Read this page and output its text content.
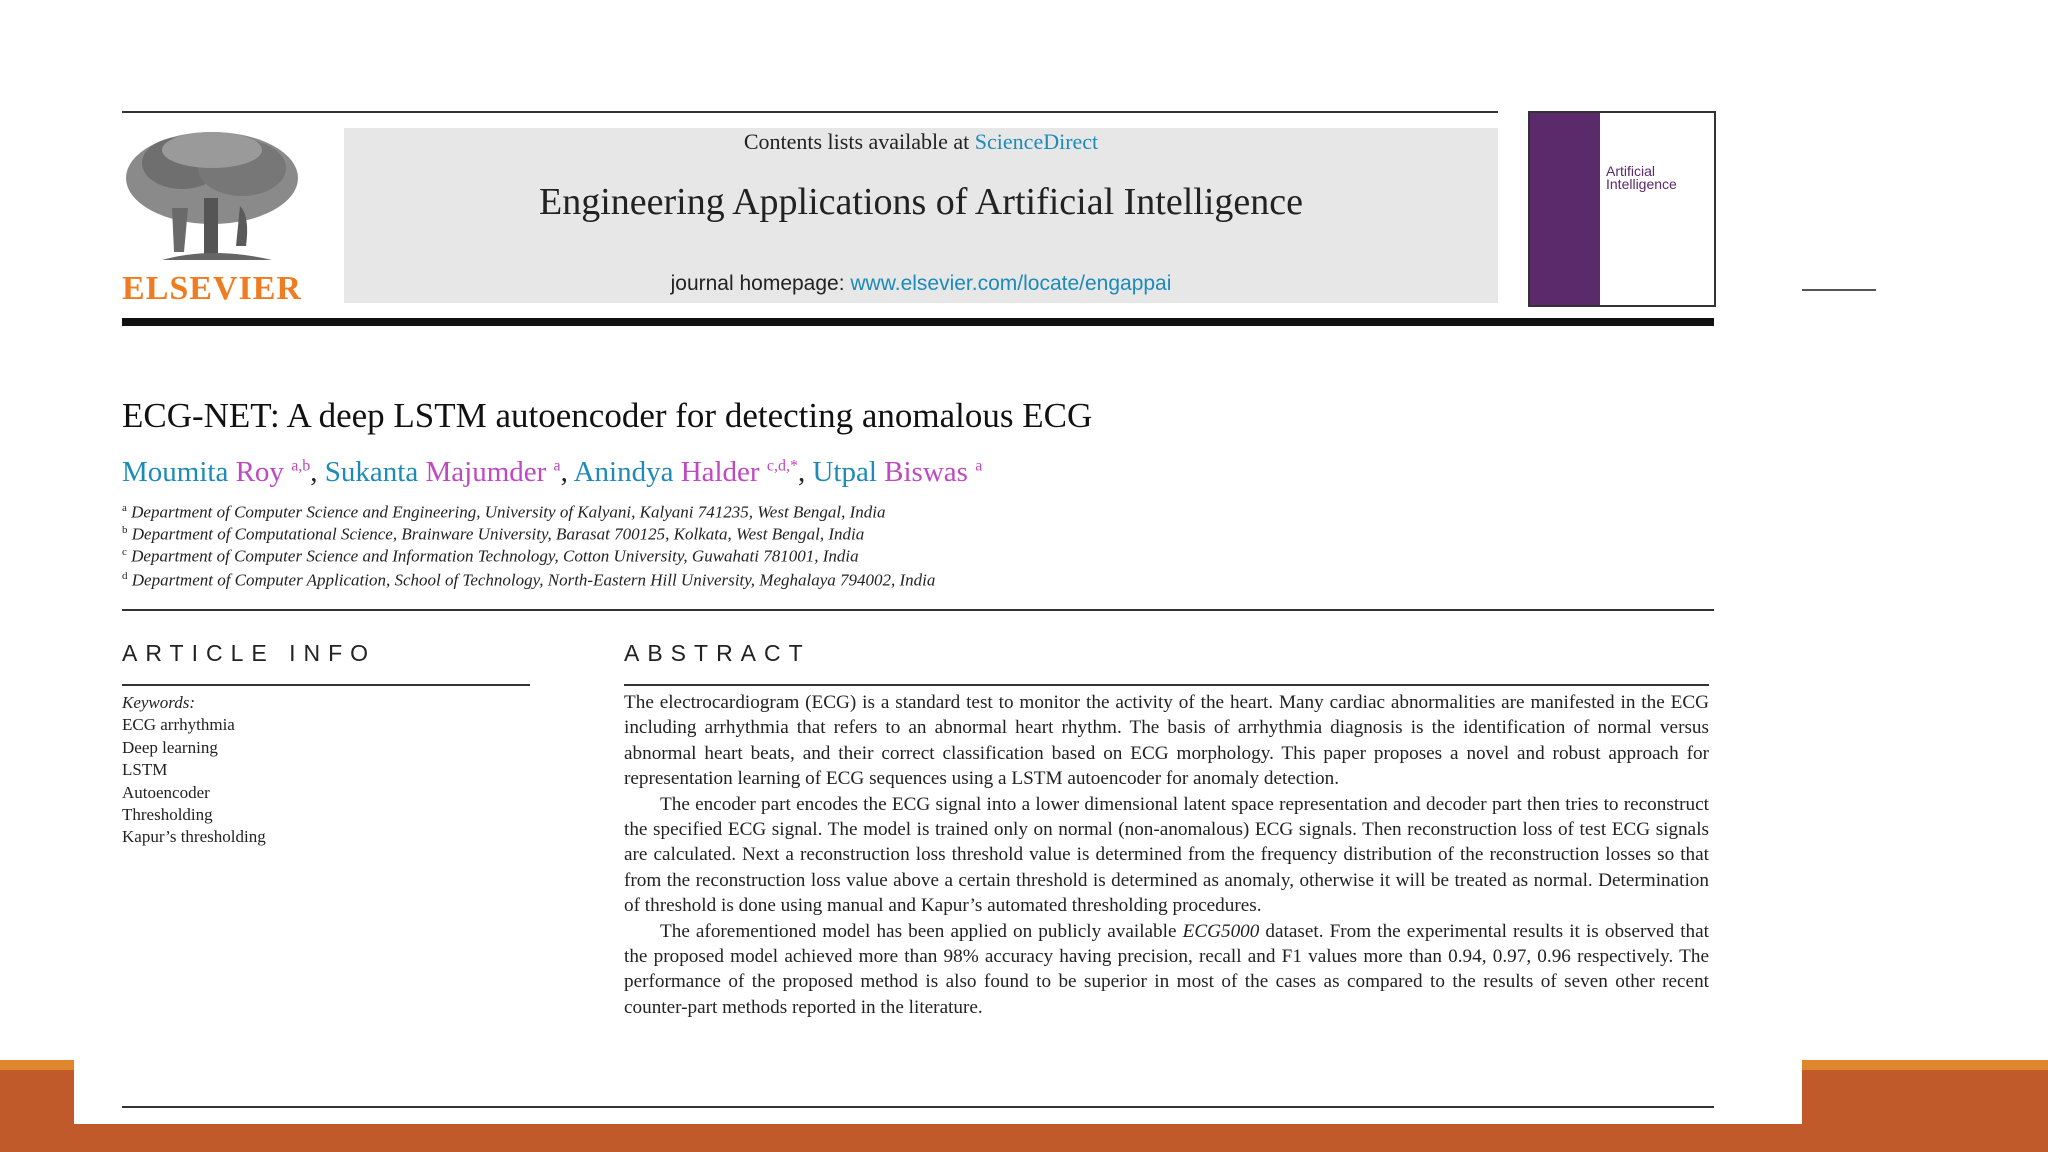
ELSEVIER
Contents lists available at ScienceDirect
Engineering Applications of Artificial Intelligence
journal homepage: www.elsevier.com/locate/engappai
Artificial Intelligence
ECG-NET: A deep LSTM autoencoder for detecting anomalous ECG
Moumita Roy $^{a,b}$, Sukanta Majumder $^a$, Anindya Halder $^{c,d,*}$, Utpal Biswas $^a$
$^a$ Department of Computer Science and Engineering, University of Kalyani, Kalyani 741235, West Bengal, India
$^b$ Department of Computational Science, Brainware University, Barasat 700125, Kolkata, West Bengal, India
$^c$ Department of Computer Science and Information Technology, Cotton University, Guwahati 781001, India
$^d$ Department of Computer Application, School of Technology, North-Eastern Hill University, Meghalaya 794002, India
ARTICLE INFO
Keywords:
ECG arrhythmia
Deep learning
LSTM
Autoencoder
Thresholding
Kapur’s thresholding
ABSTRACT

The electrocardiogram (ECG) is a standard test to monitor the activity of the heart. Many cardiac abnormalities are manifested in the ECG including arrhythmia that refers to an abnormal heart rhythm. The basis of arrhythmia diagnosis is the identification of normal versus abnormal heart beats, and their correct classification based on ECG morphology. This paper proposes a novel and robust approach for representation learning of ECG sequences using a LSTM autoencoder for anomaly detection.

The encoder part encodes the ECG signal into a lower dimensional latent space representation and decoder part then tries to reconstruct the specified ECG signal. The model is trained only on normal (non-anomalous) ECG signals. Then reconstruction loss of test ECG signals are calculated. Next a reconstruction loss threshold value is determined from the frequency distribution of the reconstruction losses so that from the reconstruction loss value above a certain threshold is determined as anomaly, otherwise it will be treated as normal. Determination of threshold is done using manual and Kapur’s automated thresholding procedures.

The aforementioned model has been applied on publicly available ECG5000 dataset. From the experimental results it is observed that the proposed model achieved more than 98% accuracy having precision, recall and F1 values more than 0.94, 0.97, 0.96 respectively. The performance of the proposed method is also found to be superior in most of the cases as compared to the results of seven other recent counter-part methods reported in the literature.
